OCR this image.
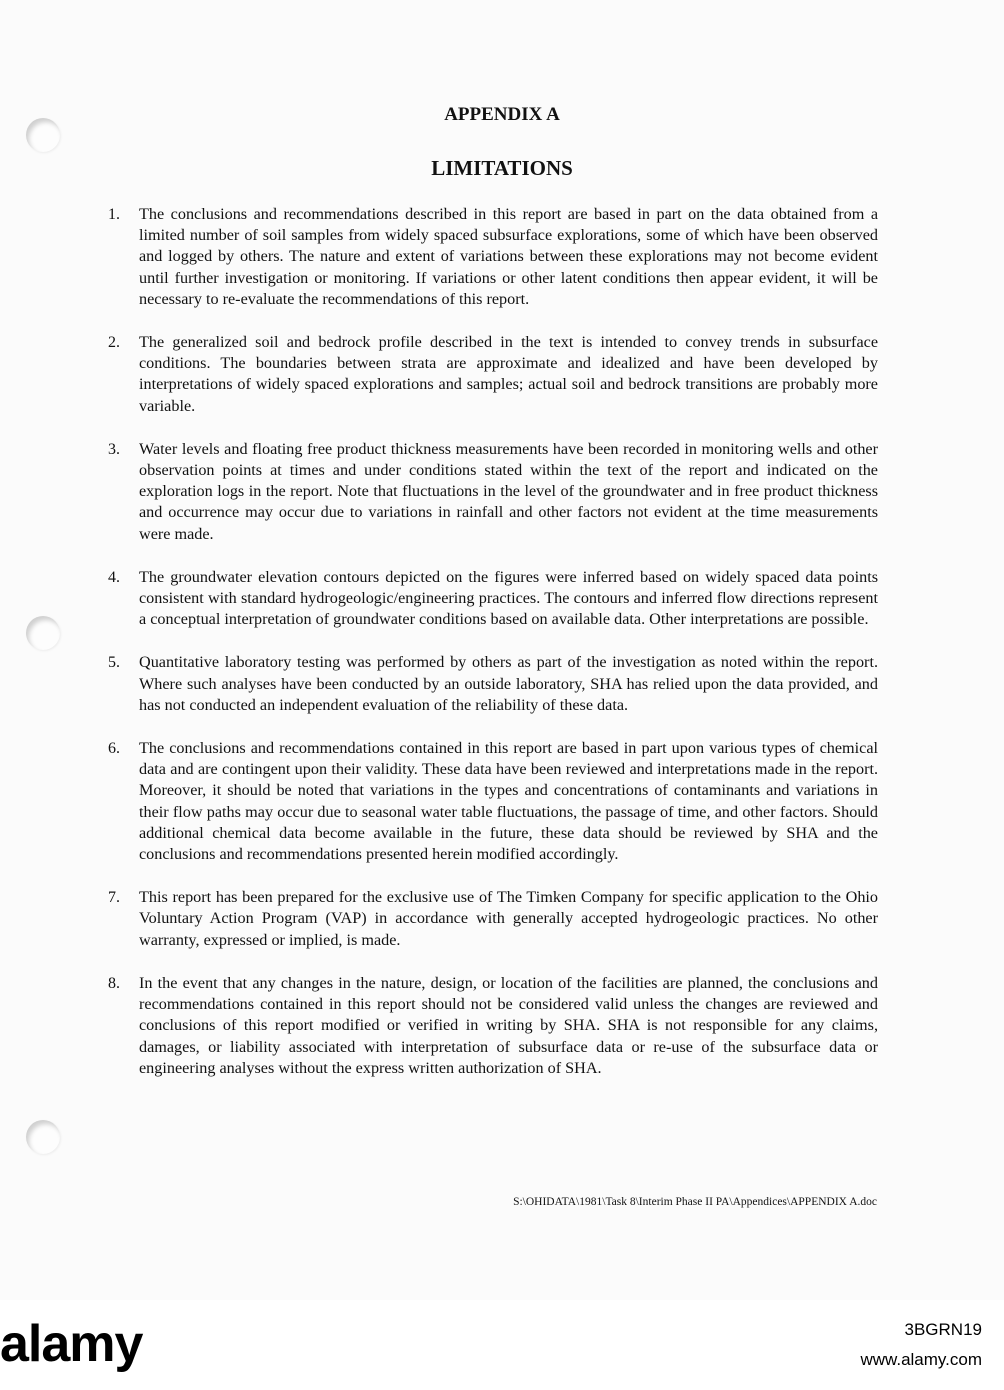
APPENDIX A
LIMITATIONS
1. The conclusions and recommendations described in this report are based in part on the data obtained from a limited number of soil samples from widely spaced subsurface explorations, some of which have been observed and logged by others. The nature and extent of variations between these explorations may not become evident until further investigation or monitoring. If variations or other latent conditions then appear evident, it will be necessary to re-evaluate the recommendations of this report.
2. The generalized soil and bedrock profile described in the text is intended to convey trends in subsurface conditions. The boundaries between strata are approximate and idealized and have been developed by interpretations of widely spaced explorations and samples; actual soil and bedrock transitions are probably more variable.
3. Water levels and floating free product thickness measurements have been recorded in monitoring wells and other observation points at times and under conditions stated within the text of the report and indicated on the exploration logs in the report. Note that fluctuations in the level of the groundwater and in free product thickness and occurrence may occur due to variations in rainfall and other factors not evident at the time measurements were made.
4. The groundwater elevation contours depicted on the figures were inferred based on widely spaced data points consistent with standard hydrogeologic/engineering practices. The contours and inferred flow directions represent a conceptual interpretation of groundwater conditions based on available data. Other interpretations are possible.
5. Quantitative laboratory testing was performed by others as part of the investigation as noted within the report. Where such analyses have been conducted by an outside laboratory, SHA has relied upon the data provided, and has not conducted an independent evaluation of the reliability of these data.
6. The conclusions and recommendations contained in this report are based in part upon various types of chemical data and are contingent upon their validity. These data have been reviewed and interpretations made in the report. Moreover, it should be noted that variations in the types and concentrations of contaminants and variations in their flow paths may occur due to seasonal water table fluctuations, the passage of time, and other factors. Should additional chemical data become available in the future, these data should be reviewed by SHA and the conclusions and recommendations presented herein modified accordingly.
7. This report has been prepared for the exclusive use of The Timken Company for specific application to the Ohio Voluntary Action Program (VAP) in accordance with generally accepted hydrogeologic practices. No other warranty, expressed or implied, is made.
8. In the event that any changes in the nature, design, or location of the facilities are planned, the conclusions and recommendations contained in this report should not be considered valid unless the changes are reviewed and conclusions of this report modified or verified in writing by SHA. SHA is not responsible for any claims, damages, or liability associated with interpretation of subsurface data or re-use of the subsurface data or engineering analyses without the express written authorization of SHA.
S:\OHIDATA\1981\Task 8\Interim Phase II PA\Appendices\APPENDIX A.doc
alamy	3BGRN19
www.alamy.com
